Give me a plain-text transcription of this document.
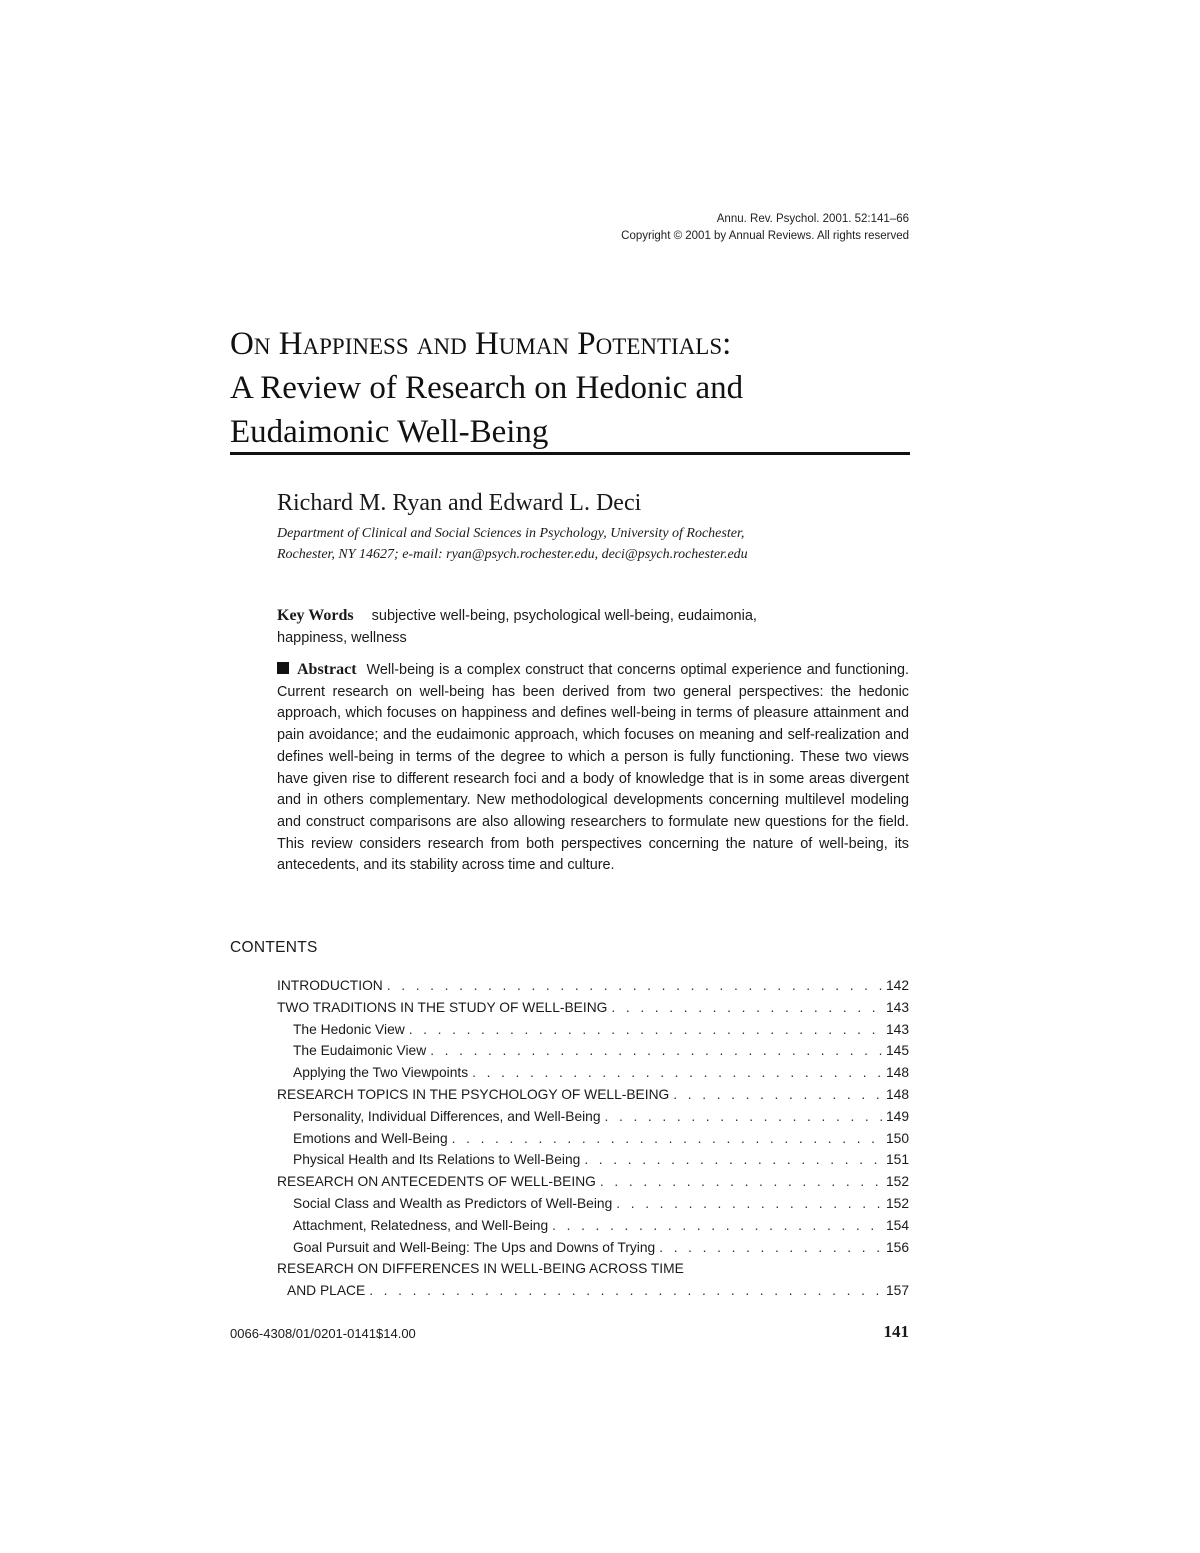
Annu. Rev. Psychol. 2001. 52:141–66
Copyright © 2001 by Annual Reviews. All rights reserved
On Happiness and Human Potentials:
A Review of Research on Hedonic and
Eudaimonic Well-Being
Richard M. Ryan and Edward L. Deci
Department of Clinical and Social Sciences in Psychology, University of Rochester,
Rochester, NY 14627; e-mail: ryan@psych.rochester.edu, deci@psych.rochester.edu
Key Words subjective well-being, psychological well-being, eudaimonia,
happiness, wellness
Abstract Well-being is a complex construct that concerns optimal experience and functioning. Current research on well-being has been derived from two general perspectives: the hedonic approach, which focuses on happiness and defines well-being in terms of pleasure attainment and pain avoidance; and the eudaimonic approach, which focuses on meaning and self-realization and defines well-being in terms of the degree to which a person is fully functioning. These two views have given rise to different research foci and a body of knowledge that is in some areas divergent and in others complementary. New methodological developments concerning multilevel modeling and construct comparisons are also allowing researchers to formulate new questions for the field. This review considers research from both perspectives concerning the nature of well-being, its antecedents, and its stability across time and culture.
CONTENTS
INTRODUCTION . . .	142
TWO TRADITIONS IN THE STUDY OF WELL-BEING . . .	143
The Hedonic View . . .	143
The Eudaimonic View . . .	145
Applying the Two Viewpoints . . .	148
RESEARCH TOPICS IN THE PSYCHOLOGY OF WELL-BEING . . .	148
Personality, Individual Differences, and Well-Being . . .	149
Emotions and Well-Being . . .	150
Physical Health and Its Relations to Well-Being . . .	151
RESEARCH ON ANTECEDENTS OF WELL-BEING . . .	152
Social Class and Wealth as Predictors of Well-Being . . .	152
Attachment, Relatedness, and Well-Being . . .	154
Goal Pursuit and Well-Being: The Ups and Downs of Trying . . .	156
RESEARCH ON DIFFERENCES IN WELL-BEING ACROSS TIME
AND PLACE . . .	157
0066-4308/01/0201-0141$14.00	141
